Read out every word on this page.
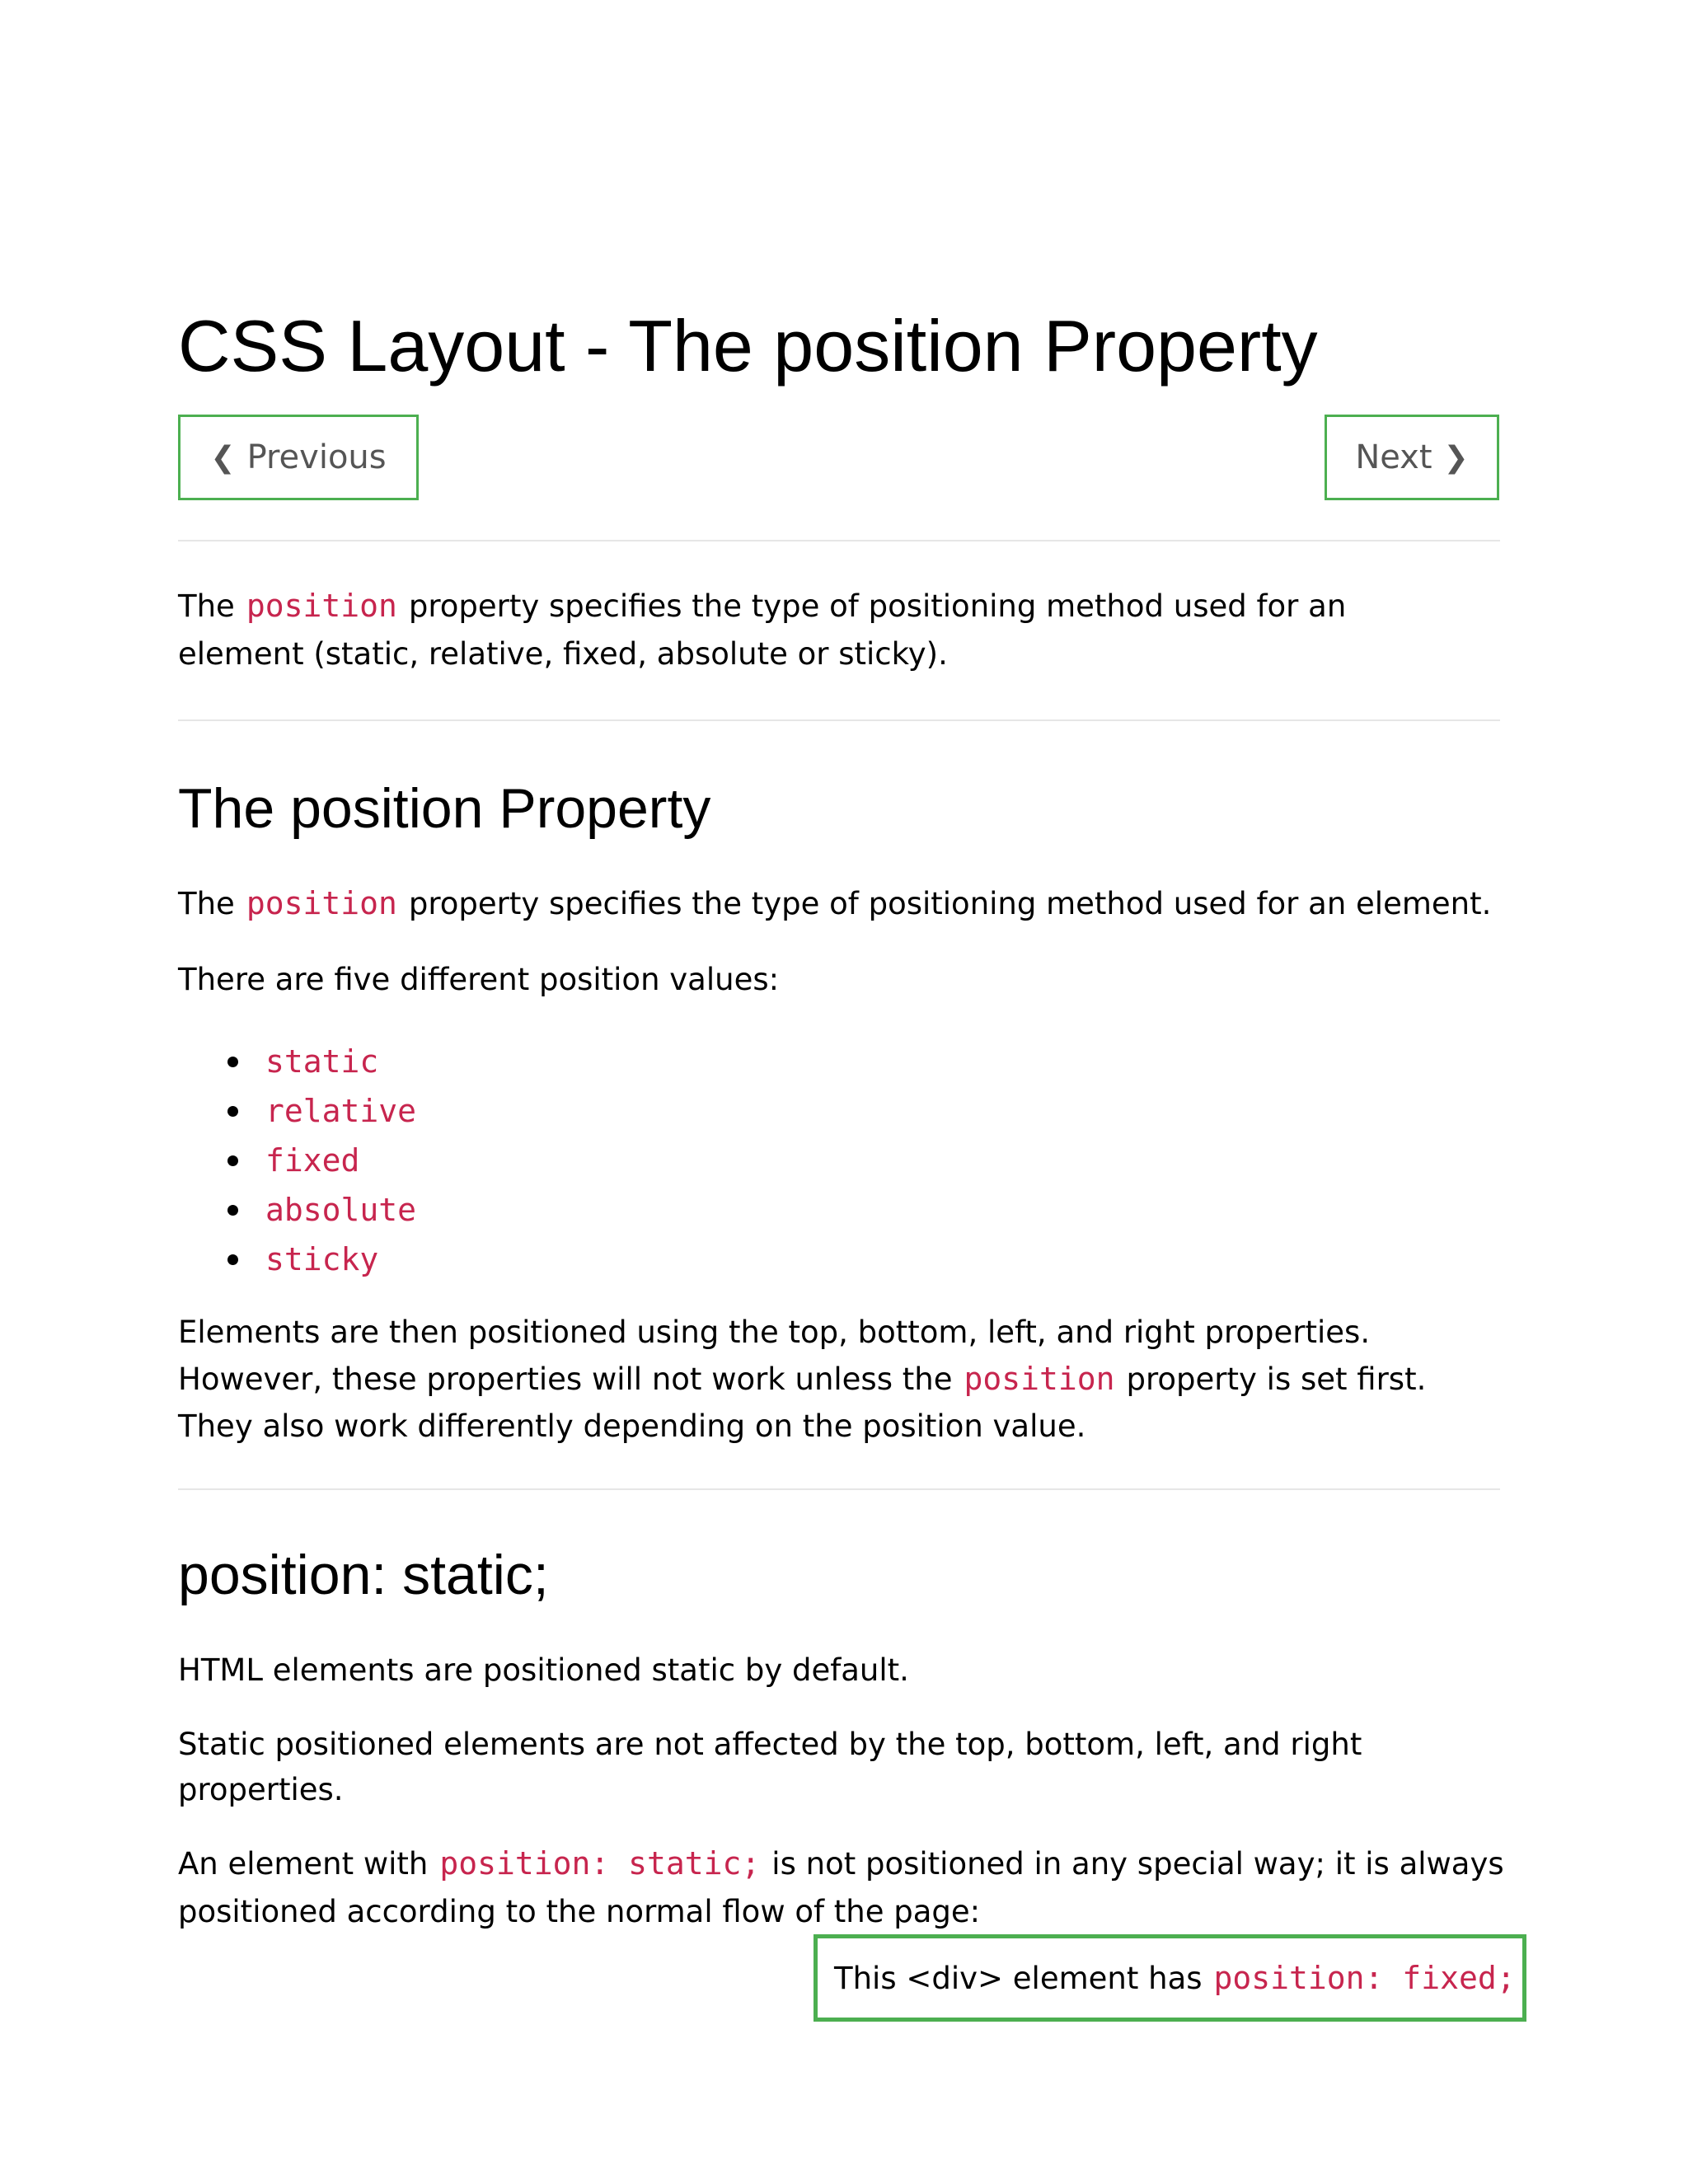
CSS Layout - The position Property
❮ Previous	Next ❯

The position property specifies the type of positioning method used for an
element (static, relative, fixed, absolute or sticky).

The position Property

The position property specifies the type of positioning method used for an element.

There are five different position values:

static
relative
fixed
absolute
sticky

Elements are then positioned using the top, bottom, left, and right properties.
However, these properties will not work unless the position property is set first.
They also work differently depending on the position value.

position: static;

HTML elements are positioned static by default.

Static positioned elements are not affected by the top, bottom, left, and right
properties.

An element with position: static; is not positioned in any special way; it is always
positioned according to the normal flow of the page:

This <div> element has position: fixed;
